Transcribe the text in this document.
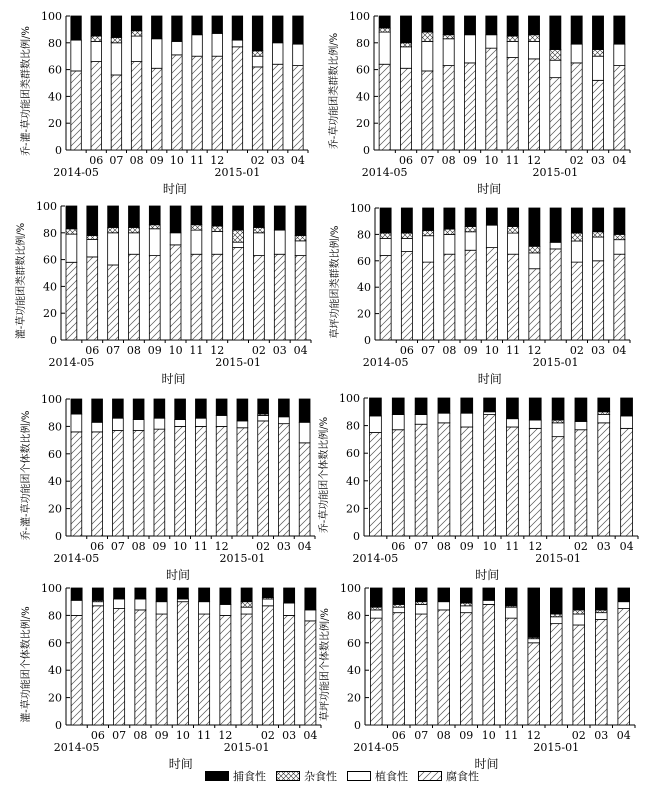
0
20
40
60
80
100
06 07 08 09 10 11 12 02 03 04
2014-05	2015-01
时间
乔-灌-草功能团类群数比例/%	0
20
40
60
80
100
06 07 08 09 10 11 12	02 03 04
2014-05	2015-01
时间
乔-草功能团类群数比例/%
0
20
40
60
80
100
06 07 08 09 10 11 12	02 03 04
2014-05	2015-01
时间
灌-草功能团类群数比例/%
0
20
40
60
80
100
06 07 08 09 10 11 12	02 03 04
2014-05	2015-01
时间
草坪功能团类群数比例/%
0
20
40
60
80
100
06 07 08 09 10 11 12	02 03 04
2014-05	2015-01
时间
乔-灌-草功能团个体数比例/%	0
20
40
60
80
100
06 07 08 09 10 11 12	02 03 04
2014-05	2015-01
时间
乔-草功能团个体数比例/%
0
20
40
60
80
100
06 07 08 09 10 11 12	02 03 04
2014-05	2015-01
时间
灌-草功能团个体数比例/%
0
20
40
60
80
100
06 07 08 09 10 11 12	02 03 04
2014-05	2015-01
时间
草坪功能团个体数比例/%
捕食性	杂食性	植食性	腐食性
